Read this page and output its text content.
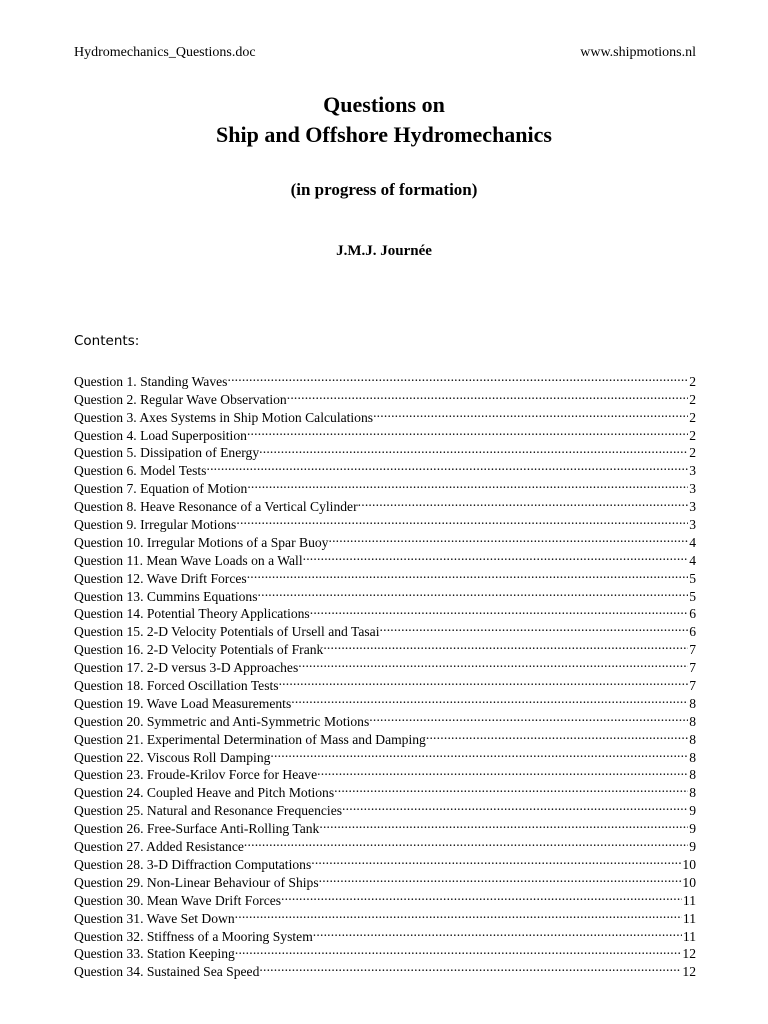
Hydromechanics_Questions.doc	www.shipmotions.nl
Questions on
Ship and Offshore Hydromechanics
(in progress of formation)
J.M.J. Journée
Contents:
Question 1. Standing Waves .....	2
Question 2. Regular Wave Observation .....	2
Question 3. Axes Systems in Ship Motion Calculations .....	2
Question 4. Load Superposition .....	2
Question 5. Dissipation of Energy .....	2
Question 6. Model Tests .....	3
Question 7. Equation of Motion .....	3
Question 8. Heave Resonance of a Vertical Cylinder .....	3
Question 9. Irregular Motions .....	3
Question 10. Irregular Motions of a Spar Buoy .....	4
Question 11. Mean Wave Loads on a Wall .....	4
Question 12. Wave Drift Forces .....	5
Question 13. Cummins Equations .....	5
Question 14. Potential Theory Applications .....	6
Question 15. 2-D Velocity Potentials of Ursell and Tasai .....	6
Question 16. 2-D Velocity Potentials of Frank .....	7
Question 17. 2-D versus 3-D Approaches .....	7
Question 18. Forced Oscillation Tests .....	7
Question 19. Wave Load Measurements .....	8
Question 20. Symmetric and Anti-Symmetric Motions .....	8
Question 21. Experimental Determination of Mass and Damping .....	8
Question 22. Viscous Roll Damping .....	8
Question 23. Froude-Krilov Force for Heave .....	8
Question 24. Coupled Heave and Pitch Motions .....	8
Question 25. Natural and Resonance Frequencies .....	9
Question 26. Free-Surface Anti-Rolling Tank .....	9
Question 27. Added Resistance .....	9
Question 28. 3-D Diffraction Computations .....	10
Question 29. Non-Linear Behaviour of Ships .....	10
Question 30. Mean Wave Drift Forces .....	11
Question 31. Wave Set Down .....	11
Question 32. Stiffness of a Mooring System .....	11
Question 33. Station Keeping .....	12
Question 34. Sustained Sea Speed .....	12
